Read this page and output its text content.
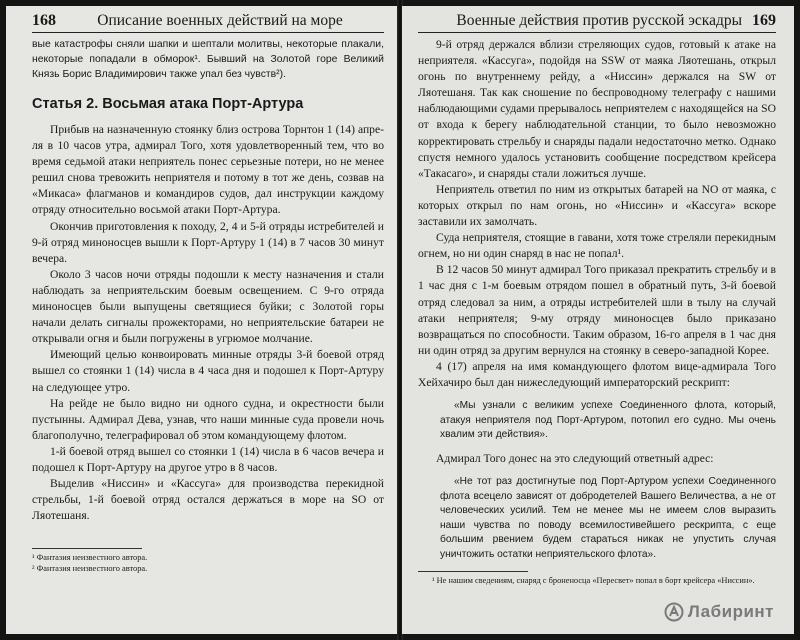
168	Описание военных действий на море

вые катастрофы сняли шапки и шептали молитвы, некоторые плакали, некоторые попадали в обморок¹. Бывший на Золотой горе Великий Князь Борис Владимирович также упал без чувств²).

Статья 2. Восьмая атака Порт-Артура

Прибыв на назначенную стоянку близ острова Торнтон 1 (14) апреля в 10 часов утра, адмирал Того, хотя удовлетворенный тем, что во время седьмой атаки неприятель понес серьезные потери, но не менее решил снова тревожить неприятеля и потому в тот же день, созвав на «Микаса» флагманов и командиров судов, дал инструкции каждому отряду относительно восьмой атаки Порт-Артура.

Окончив приготовления к походу, 2, 4 и 5-й отряды истребителей и 9-й отряд миноносцев вышли к Порт-Артуру 1 (14) в 7 часов 30 минут вечера.

Около 3 часов ночи отряды подошли к месту назначения и стали наблюдать за неприятельским боевым освещением. С 9-го отряда миноносцев были выпущены светящиеся буйки; с Золотой горы начали делать сигналы прожекторами, но неприятельские батареи не открывали огня и были погружены в угрюмое молчание.

Имеющий целью конвоировать минные отряды 3-й боевой отряд вышел со стоянки 1 (14) числа в 4 часа дня и подошел к Порт-Артуру на следующее утро.

На рейде не было видно ни одного судна, и окрестности были пустынны. Адмирал Дева, узнав, что наши минные суда провели ночь благополучно, телеграфировал об этом командующему флотом.

1-й боевой отряд вышел со стоянки 1 (14) числа в 6 часов вечера и подошел к Порт-Артуру на другое утро в 8 часов.

Выделив «Ниссин» и «Кассуга» для производства перекидной стрельбы, 1-й боевой отряд остался держаться в море на SO от Ляотешаня.

¹ Фантазия неизвестного автора.
² Фантазия неизвестного автора.
Военные действия против русской эскадры 169

9-й отряд держался вблизи стреляющих судов, готовый к атаке на неприятеля. «Кассуга», подойдя на SSW от маяка Ляотешань, открыл огонь по внутреннему рейду, а «Ниссин» держался на SW от Ляотешаня. Так как сношение по беспроводному телеграфу с нашими наблюдающими судами прерывалось неприятелем с находящейся на SO от входа к берегу наблюдательной станции, то было невозможно корректировать стрельбу и снаряды падали недостаточно метко. Однако спустя немного удалось установить сообщение посредством крейсера «Такасаго», и снаряды стали ложиться лучше.

Неприятель ответил по ним из открытых батарей на NO от маяка, с которых открыл по нам огонь, но «Ниссин» и «Кассуга» вскоре заставили их замолчать.

Суда неприятеля, стоящие в гавани, хотя тоже стреляли перекидным огнем, но ни один снаряд в нас не попал¹.

В 12 часов 50 минут адмирал Того приказал прекратить стрельбу и в 1 час дня с 1-м боевым отрядом пошел в обратный путь, 3-й боевой отряд следовал за ним, а отряды истребителей шли в тылу на случай атаки неприятеля; 9-му отряду миноносцев было приказано возвращаться по способности. Таким образом, 16-го апреля в 1 час дня ни один отряд за другим вернулся на стоянку в северо-западной Корее.

4 (17) апреля на имя командующего флотом вице-адмирала Того Хейхачиро был дан нижеследующий императорский рескрипт:

«Мы узнали с великим успехе Соединенного флота, который, атакуя неприятеля под Порт-Артуром, потопил его судно. Мы очень хвалим эти действия».

Адмирал Того донес на это следующий ответный адрес:

«Не тот раз достигнутые под Порт-Артуром успехи Соединенного флота всецело зависят от добродетелей Вашего Величества, а не от человеческих усилий. Тем не менее мы не имеем слов выразить наши чувства по поводу всемилостивейшего рескрипта, с еще большим рвением будем стараться никак не упустить случая уничтожить остатки неприятельского флота».

¹ Не нашим сведениям, снаряд с броненосца «Пересвет» попал в борт крейсера «Ниссин».
Лабиринт
